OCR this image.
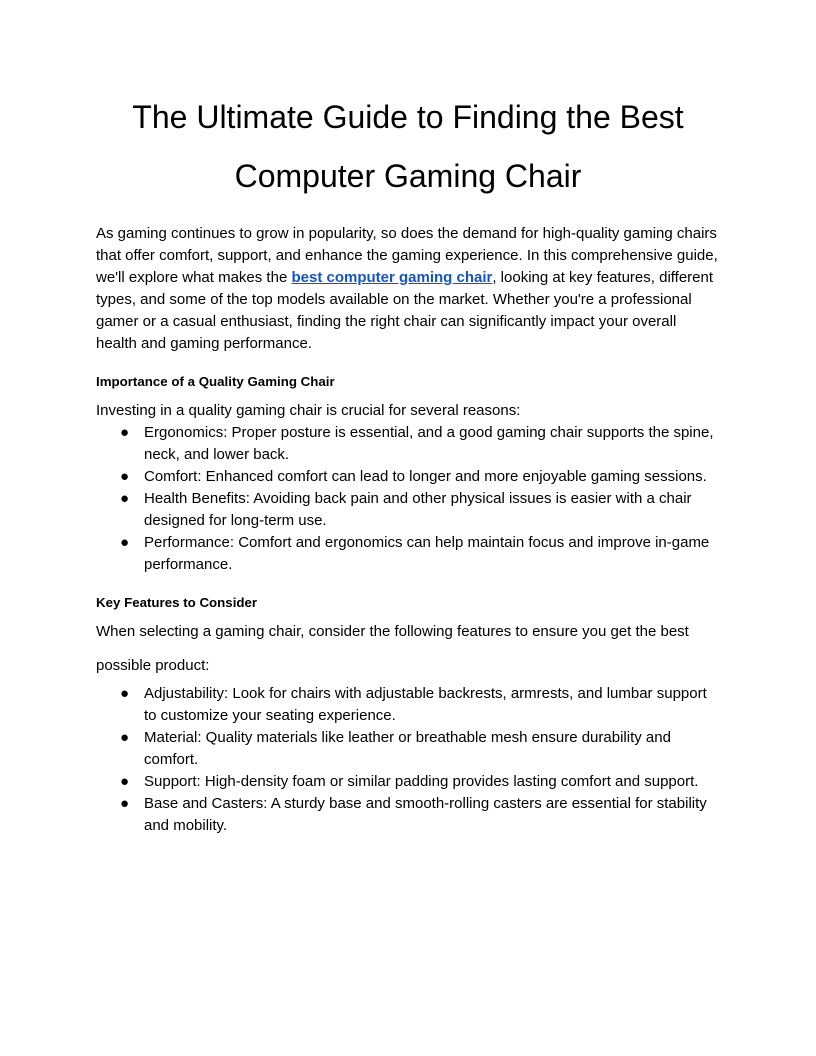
The Ultimate Guide to Finding the Best
Computer Gaming Chair

As gaming continues to grow in popularity, so does the demand for high-quality gaming chairs that offer comfort, support, and enhance the gaming experience. In this comprehensive guide, we'll explore what makes the best computer gaming chair, looking at key features, different types, and some of the top models available on the market. Whether you're a professional gamer or a casual enthusiast, finding the right chair can significantly impact your overall health and gaming performance.

Importance of a Quality Gaming Chair

Investing in a quality gaming chair is crucial for several reasons:

● Ergonomics: Proper posture is essential, and a good gaming chair supports the spine, neck, and lower back.
● Comfort: Enhanced comfort can lead to longer and more enjoyable gaming sessions.
● Health Benefits: Avoiding back pain and other physical issues is easier with a chair designed for long-term use.
● Performance: Comfort and ergonomics can help maintain focus and improve in-game performance.
Key Features to Consider

When selecting a gaming chair, consider the following features to ensure you get the best possible product:

● Adjustability: Look for chairs with adjustable backrests, armrests, and lumbar support to customize your seating experience.
● Material: Quality materials like leather or breathable mesh ensure durability and comfort.
● Support: High-density foam or similar padding provides lasting comfort and support.
● Base and Casters: A sturdy base and smooth-rolling casters are essential for stability and mobility.
